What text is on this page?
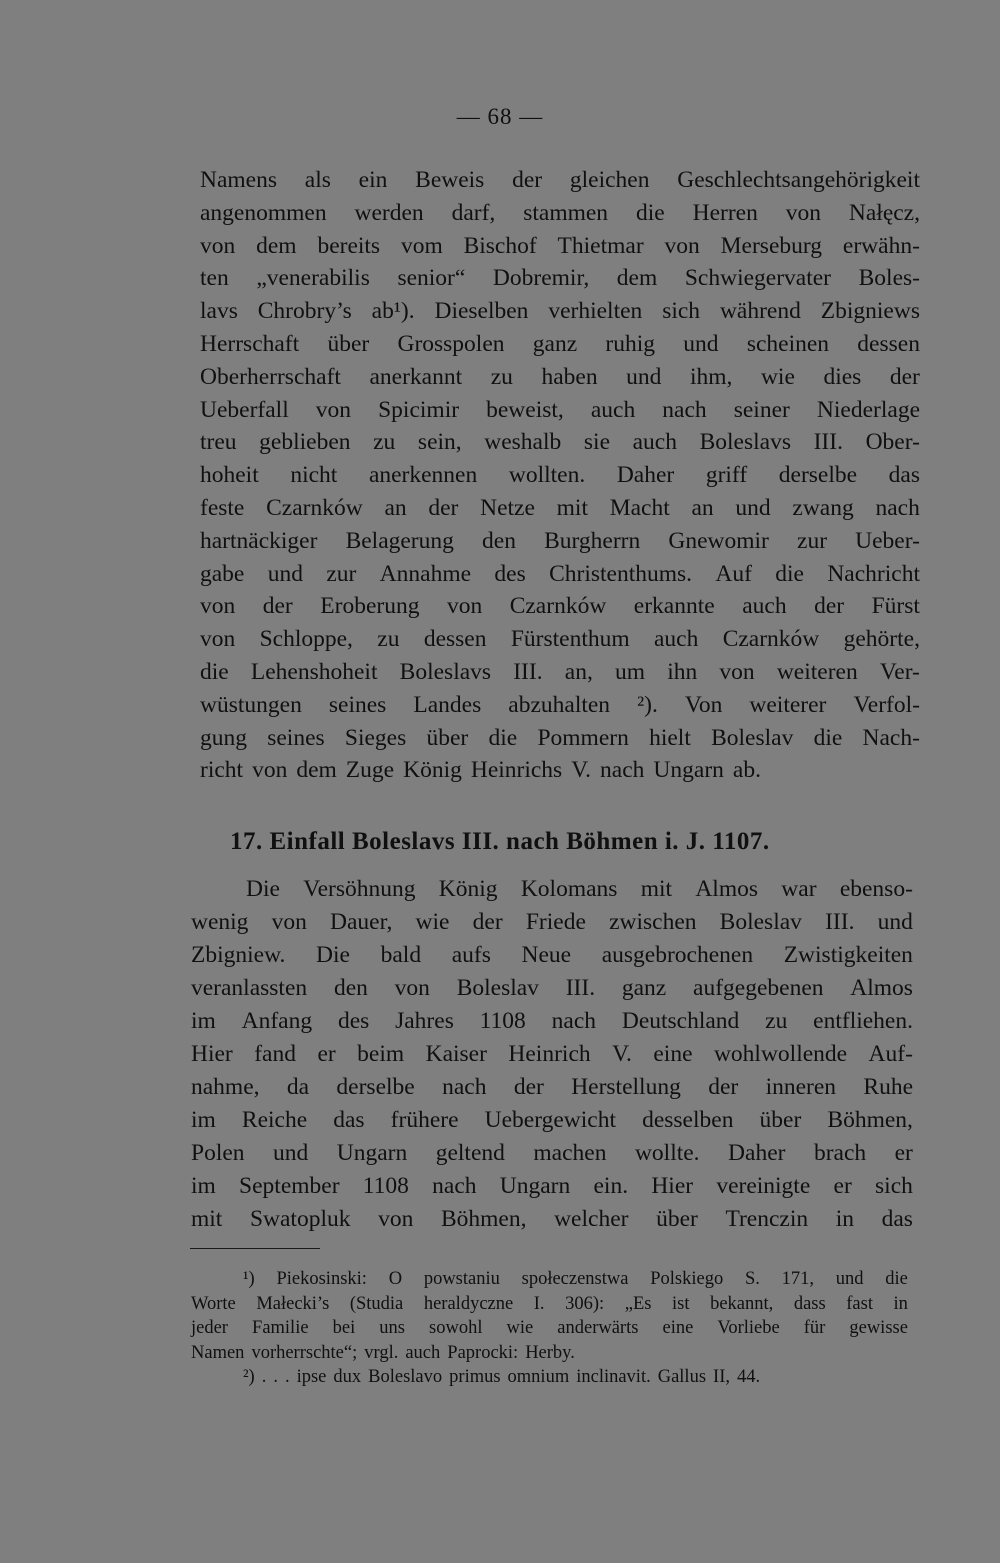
— 68 —
Namens als ein Beweis der gleichen Geschlechtsangehörigkeit
angenommen werden darf, stammen die Herren von Nałęcz,
von dem bereits vom Bischof Thietmar von Merseburg erwähn-
ten „venerabilis senior“ Dobremir, dem Schwiegervater Boles-
lavs Chrobry’s ab¹). Dieselben verhielten sich während Zbigniews
Herrschaft über Grosspolen ganz ruhig und scheinen dessen
Oberherrschaft anerkannt zu haben und ihm, wie dies der
Ueberfall von Spicimir beweist, auch nach seiner Niederlage
treu geblieben zu sein, weshalb sie auch Boleslavs III. Ober-
hoheit nicht anerkennen wollten. Daher griff derselbe das
feste Czarnków an der Netze mit Macht an und zwang nach
hartnäckiger Belagerung den Burgherrn Gnewomir zur Ueber-
gabe und zur Annahme des Christenthums. Auf die Nachricht
von der Eroberung von Czarnków erkannte auch der Fürst
von Schloppe, zu dessen Fürstenthum auch Czarnków gehörte,
die Lehenshoheit Boleslavs III. an, um ihn von weiteren Ver-
wüstungen seines Landes abzuhalten ²). Von weiterer Verfol-
gung seines Sieges über die Pommern hielt Boleslav die Nach-
richt von dem Zuge König Heinrichs V. nach Ungarn ab.
17. Einfall Boleslavs III. nach Böhmen i. J. 1107.
Die Versöhnung König Kolomans mit Almos war ebenso-
wenig von Dauer, wie der Friede zwischen Boleslav III. und
Zbigniew. Die bald aufs Neue ausgebrochenen Zwistigkeiten
veranlassten den von Boleslav III. ganz aufgegebenen Almos
im Anfang des Jahres 1108 nach Deutschland zu entfliehen.
Hier fand er beim Kaiser Heinrich V. eine wohlwollende Auf-
nahme, da derselbe nach der Herstellung der inneren Ruhe
im Reiche das frühere Uebergewicht desselben über Böhmen,
Polen und Ungarn geltend machen wollte. Daher brach er
im September 1108 nach Ungarn ein. Hier vereinigte er sich
mit Swatopluk von Böhmen, welcher über Trenczin in das
¹) Piekosinski: O powstaniu społeczenstwa Polskiego S. 171, und die
Worte Małecki’s (Studia heraldyczne I. 306): „Es ist bekannt, dass fast in
jeder Familie bei uns sowohl wie anderwärts eine Vorliebe für gewisse
Namen vorherrschte“; vrgl. auch Paprocki: Herby.
²) . . . ipse dux Boleslavo primus omnium inclinavit. Gallus II, 44.
